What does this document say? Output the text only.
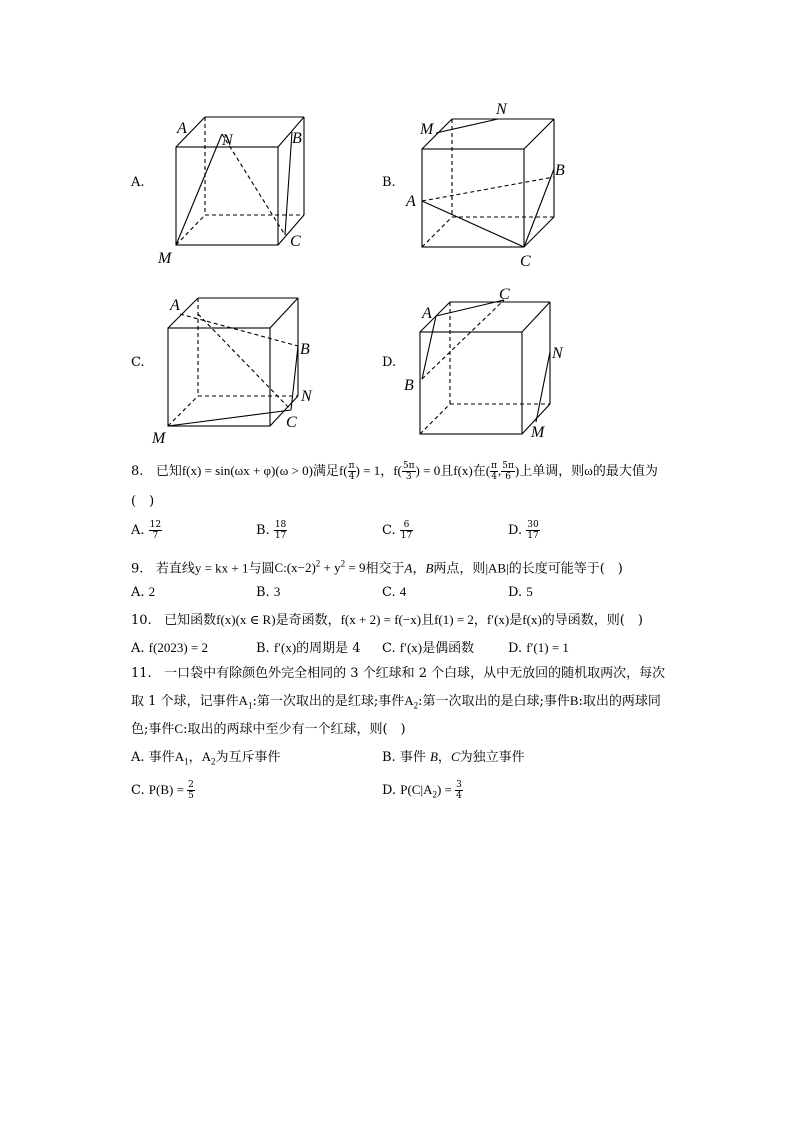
A.
A
N	B
M
C
B.
M
N
B
A
C
C.
A
B
N
M
C
D.
A
C
B
N
M
8. 已知f(x) = sin(ωx + φ)(ω > 0)满足$f( \frac{\pi}{4}$ ) = 1，$f( \frac{5\pi}{3}$ ) = 0且f(x)在( $\frac{\pi}{4}$ , $\frac{5\pi}{6}$ )上单调，则ω的最大值为
(　)
A. $\frac{12}{7}$	B. $\frac{18}{17}$	C. $\frac{6}{17}$	D. $\frac{30}{17}$
9. 若直线y = kx + 1与圆$C:(x-2)^2 + y^2 = 9$相交于A，B两点，则|AB|的长度可能等于(　)
A. 2	B. 3	C. 4	D. 5
10. 已知函数f(x)(x ∈ R)是奇函数，f(x + 2) = f(−x)且f(1) = 2，f′(x)是f(x)的导函数，则(　)
A. f(2023) = 2	B. f′(x)的周期是 4 C. f′(x)是偶函数	D. f′(1) = 1
11. 一口袋中有除颜色外完全相同的 3 个红球和 2 个白球，从中无放回的随机取两次，每次
取 1 个球，记事件$A_1$:第一次取出的是红球;事件$A_2$:第一次取出的是白球;事件B:取出的两球同
色;事件C:取出的两球中至少有一个红球，则(　)
A. 事件$A_1$，$A_2$为互斥事件	B. 事件 B，C为独立事件
C. $P(B) = \frac{2}{5}$	D. $P(C|A_2) = \frac{3}{4}$
